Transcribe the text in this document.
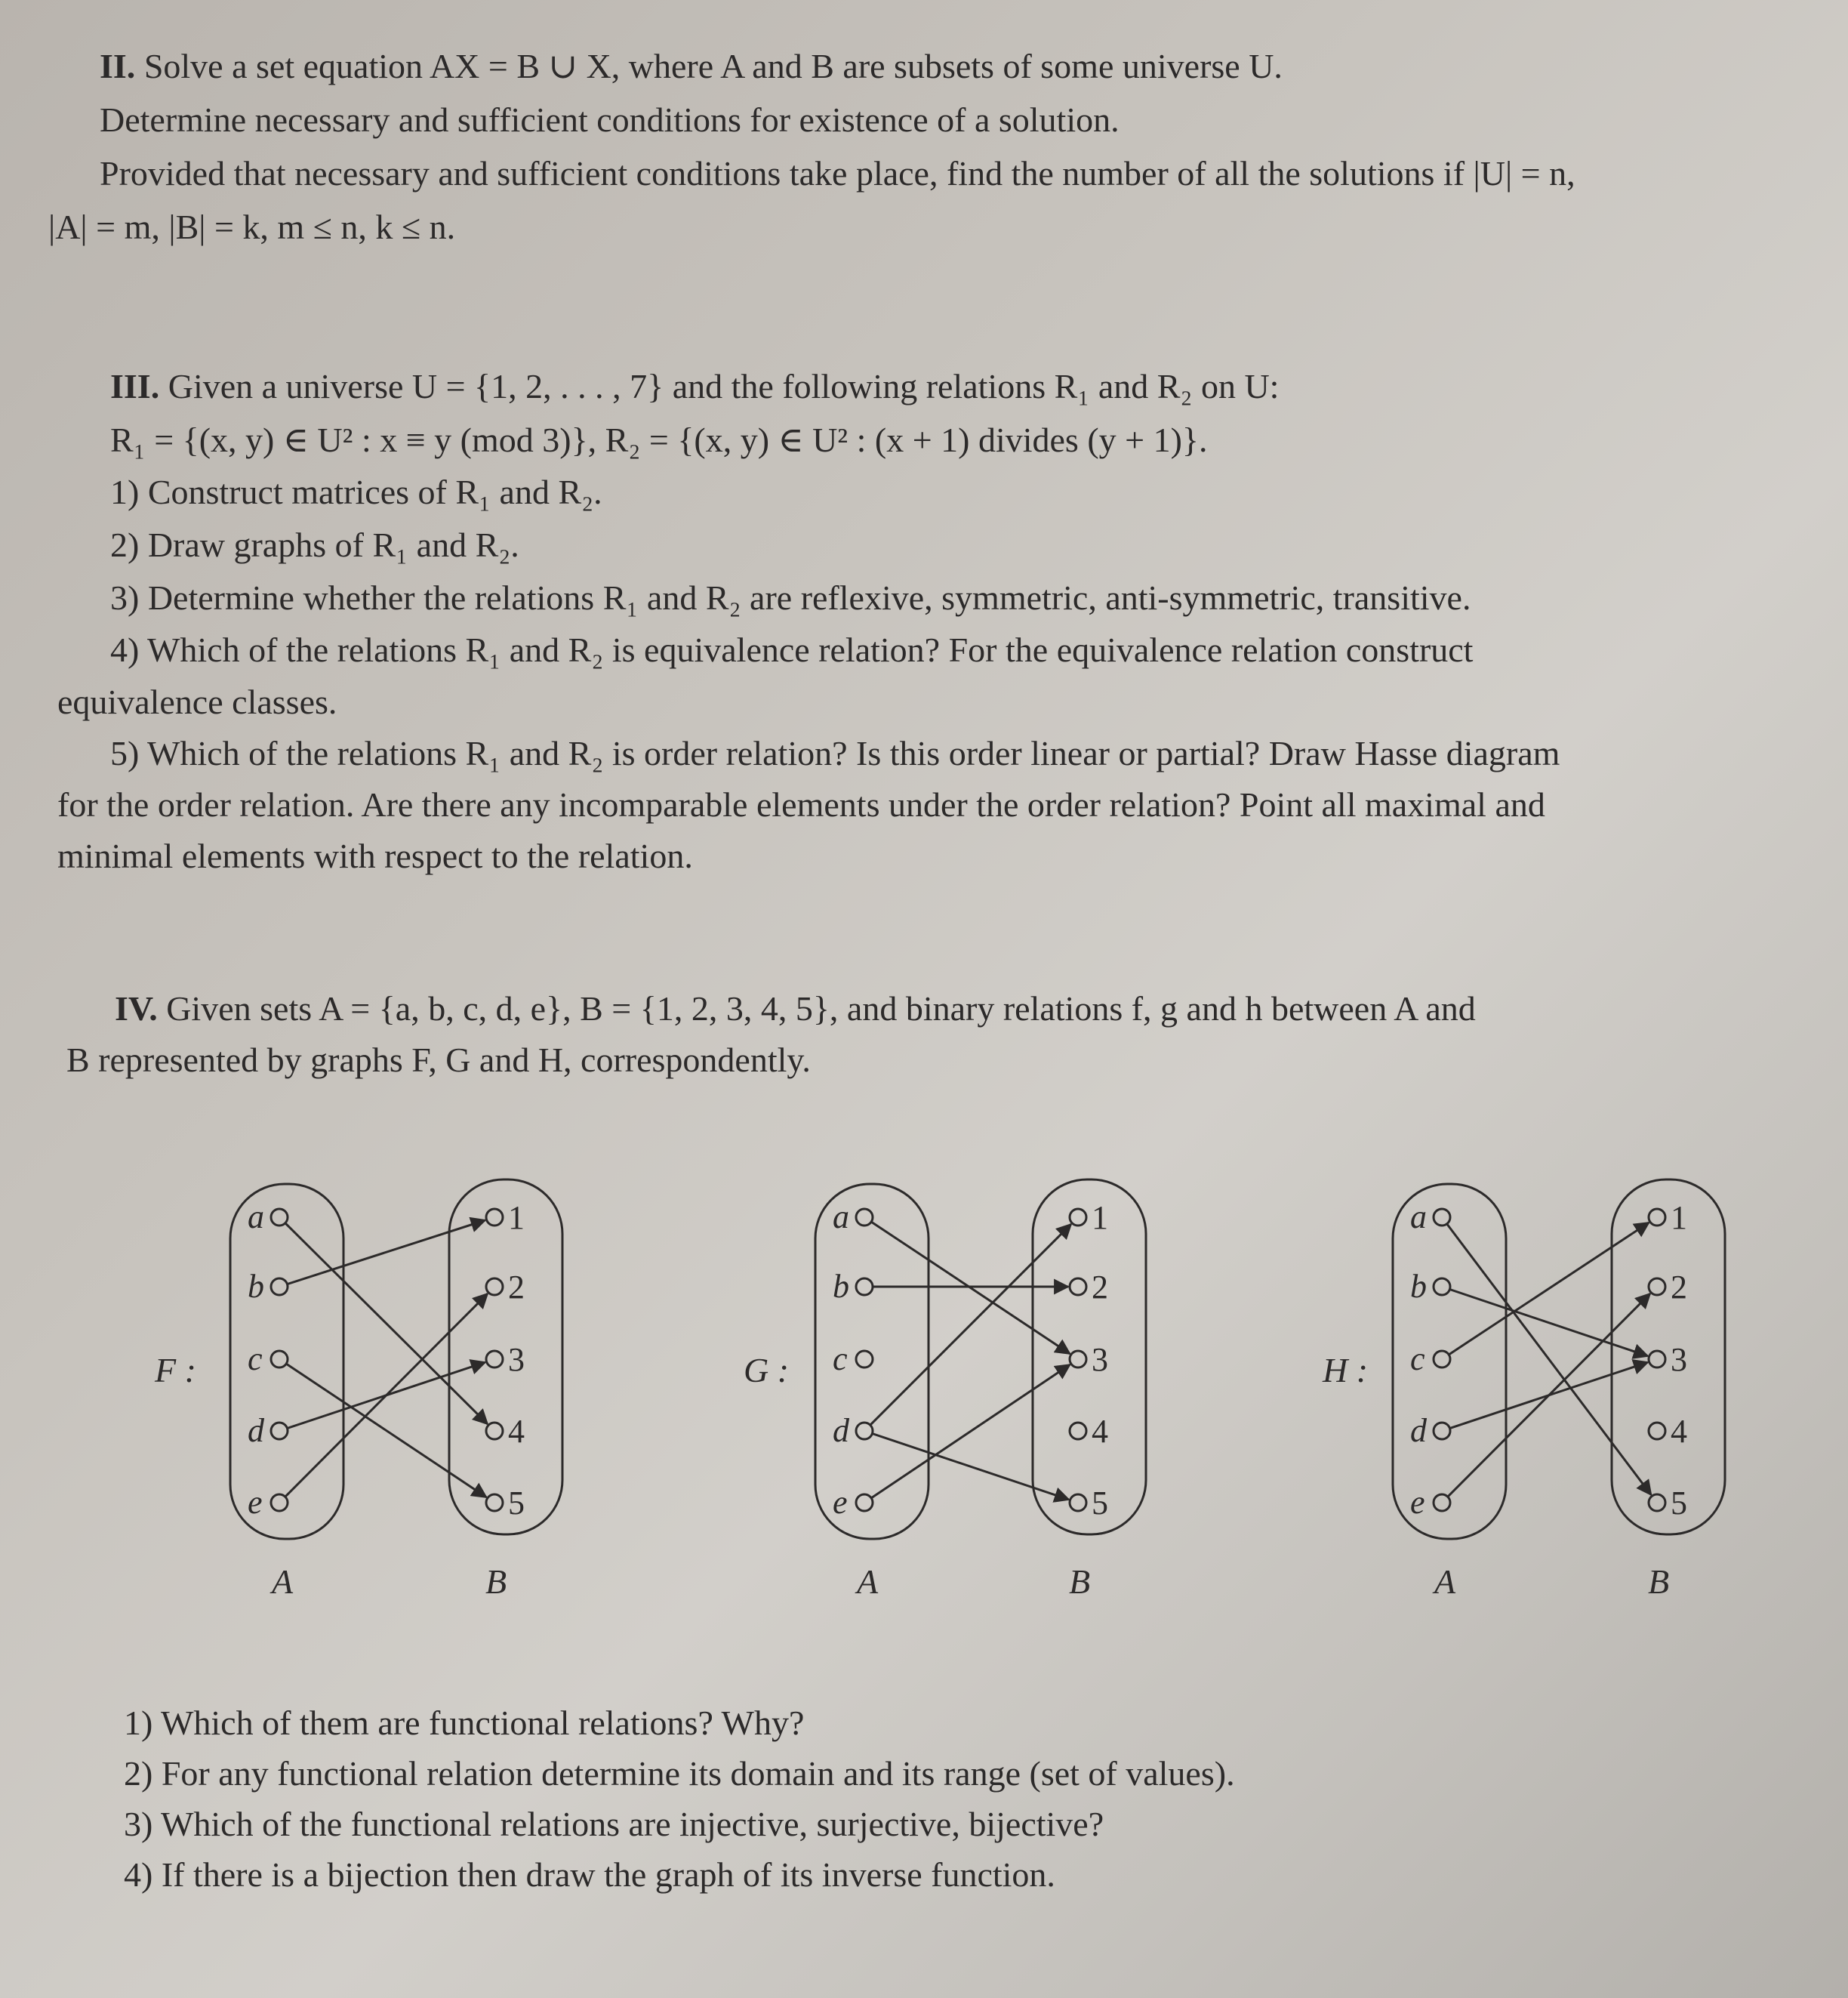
II. Solve a set equation AX = B ∪ X, where A and B are subsets of some universe U.
Determine necessary and sufficient conditions for existence of a solution.
Provided that necessary and sufficient conditions take place, find the number of all the solutions if |U| = n,
|A| = m, |B| = k, m ≤ n, k ≤ n.
III. Given a universe U = {1, 2, . . . , 7} and the following relations R₁ and R₂ on U:
R₁ = {(x, y) ∈ U² : x ≡ y (mod 3)}, R₂ = {(x, y) ∈ U² : (x + 1) divides (y + 1)}.
1) Construct matrices of R₁ and R₂.
2) Draw graphs of R₁ and R₂.
3) Determine whether the relations R₁ and R₂ are reflexive, symmetric, anti-symmetric, transitive.
4) Which of the relations R₁ and R₂ is equivalence relation? For the equivalence relation construct
equivalence classes.
5) Which of the relations R₁ and R₂ is order relation? Is this order linear or partial? Draw Hasse diagram
for the order relation. Are there any incomparable elements under the order relation? Point all maximal and
minimal elements with respect to the relation.
IV. Given sets A = {a, b, c, d, e}, B = {1, 2, 3, 4, 5}, and binary relations f, g and h between A and
B represented by graphs F, G and H, correspondently.
F :
A	B
a
b
c
d
e
1
2
3
4
5
G :
A	B
a
b
c
d
e
1
2
3
4
5
H :
A	B
a
b
c
d
e
1
2
3
4
5
1) Which of them are functional relations? Why?
2) For any functional relation determine its domain and its range (set of values).
3) Which of the functional relations are injective, surjective, bijective?
4) If there is a bijection then draw the graph of its inverse function.
